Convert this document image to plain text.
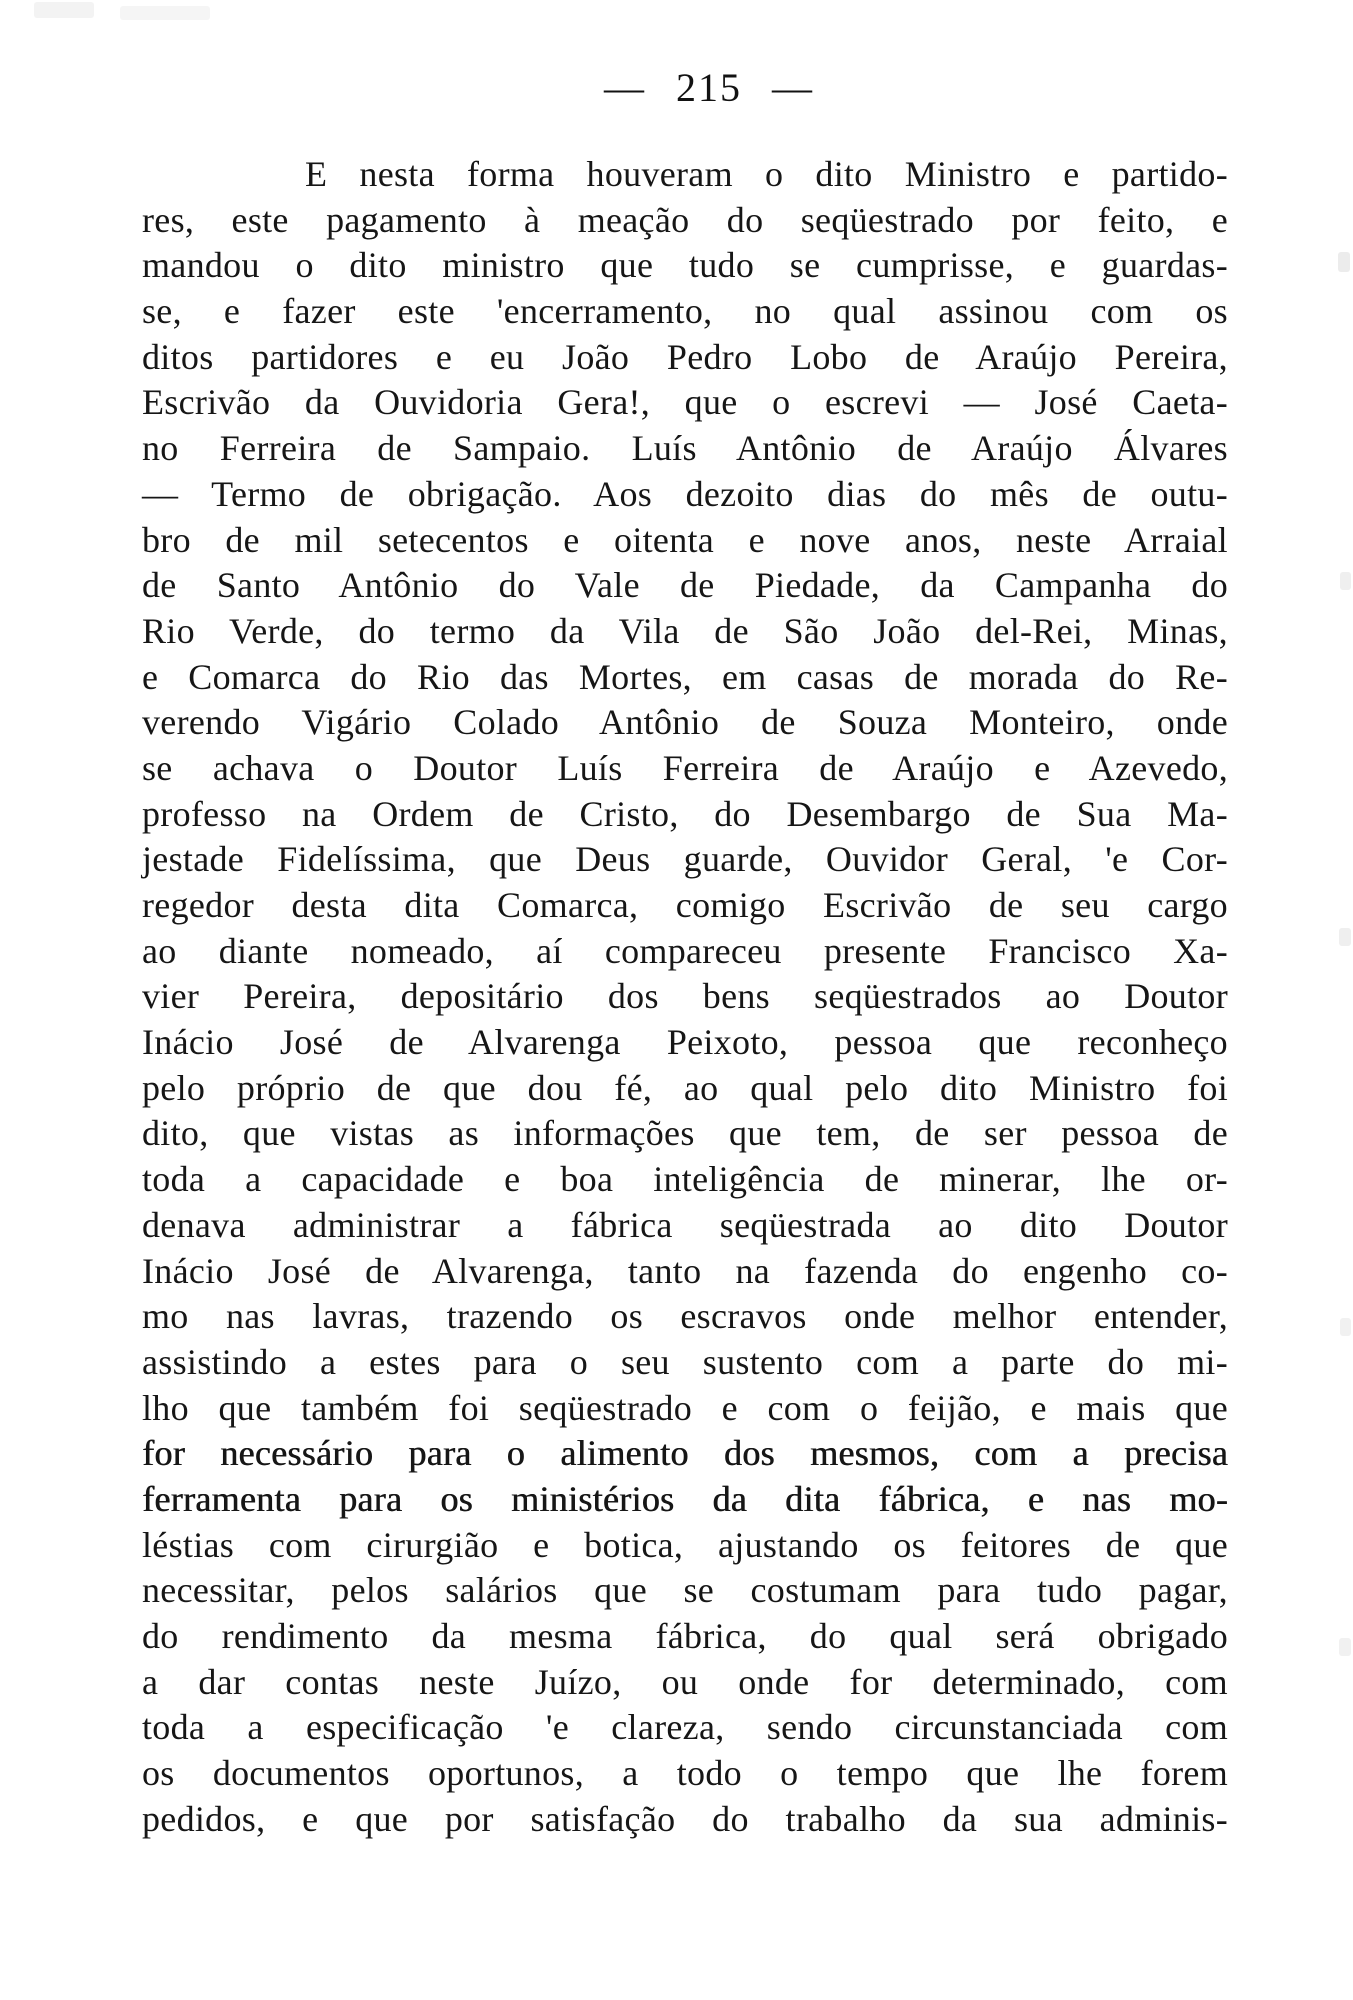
— 215 —
E nesta forma houveram o dito Ministro e partido-
res, este pagamento à meação do seqüestrado por feito, e
mandou o dito ministro que tudo se cumprisse, e guardas-
se, e fazer este 'encerramento, no qual assinou com os
ditos partidores e eu João Pedro Lobo de Araújo Pereira,
Escrivão da Ouvidoria Gera!, que o escrevi — José Caeta-
no Ferreira de Sampaio. Luís Antônio de Araújo Álvares
— Termo de obrigação. Aos dezoito dias do mês de outu-
bro de mil setecentos e oitenta e nove anos, neste Arraial
de Santo Antônio do Vale de Piedade, da Campanha do
Rio Verde, do termo da Vila de São João del-Rei, Minas,
e Comarca do Rio das Mortes, em casas de morada do Re-
verendo Vigário Colado Antônio de Souza Monteiro, onde
se achava o Doutor Luís Ferreira de Araújo e Azevedo,
professo na Ordem de Cristo, do Desembargo de Sua Ma-
jestade Fidelíssima, que Deus guarde, Ouvidor Geral, 'e Cor-
regedor desta dita Comarca, comigo Escrivão de seu cargo
ao diante nomeado, aí compareceu presente Francisco Xa-
vier Pereira, depositário dos bens seqüestrados ao Doutor
Inácio José de Alvarenga Peixoto, pessoa que reconheço
pelo próprio de que dou fé, ao qual pelo dito Ministro foi
dito, que vistas as informações que tem, de ser pessoa de
toda a capacidade e boa inteligência de minerar, lhe or-
denava administrar a fábrica seqüestrada ao dito Doutor
Inácio José de Alvarenga, tanto na fazenda do engenho co-
mo nas lavras, trazendo os escravos onde melhor entender,
assistindo a estes para o seu sustento com a parte do mi-
lho que também foi seqüestrado e com o feijão, e mais que
for necessário para o alimento dos mesmos, com a precisa
ferramenta para os ministérios da dita fábrica, e nas mo-
léstias com cirurgião e botica, ajustando os feitores de que
necessitar, pelos salários que se costumam para tudo pagar,
do rendimento da mesma fábrica, do qual será obrigado
a dar contas neste Juízo, ou onde for determinado, com
toda a especificação 'e clareza, sendo circunstanciada com
os documentos oportunos, a todo o tempo que lhe forem
pedidos, e que por satisfação do trabalho da sua adminis-
